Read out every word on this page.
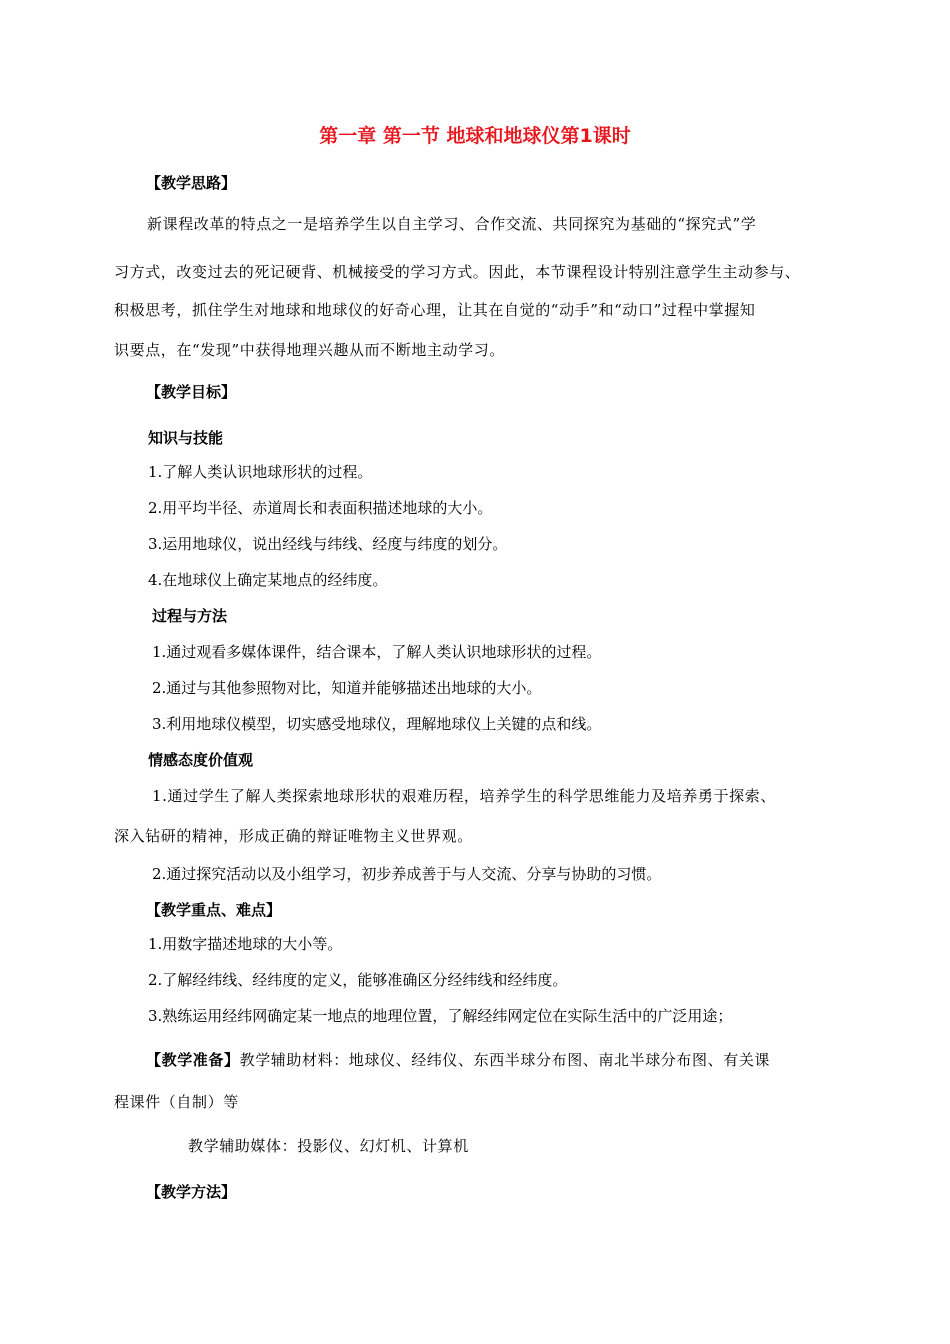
第一章 第一节 地球和地球仪第1课时
【教学思路】
新课程改革的特点之一是培养学生以自主学习、合作交流、共同探究为基础的“探究式”学
习方式，改变过去的死记硬背、机械接受的学习方式。因此，本节课程设计特别注意学生主动参与、
积极思考，抓住学生对地球和地球仪的好奇心理，让其在自觉的“动手”和“动口”过程中掌握知
识要点，在“发现”中获得地理兴趣从而不断地主动学习。
【教学目标】
知识与技能
1.了解人类认识地球形状的过程。
2.用平均半径、赤道周长和表面积描述地球的大小。
3.运用地球仪，说出经线与纬线、经度与纬度的划分。
4.在地球仪上确定某地点的经纬度。
过程与方法
1.通过观看多媒体课件，结合课本，了解人类认识地球形状的过程。
2.通过与其他参照物对比，知道并能够描述出地球的大小。
3.利用地球仪模型，切实感受地球仪，理解地球仪上关键的点和线。
情感态度价值观
1.通过学生了解人类探索地球形状的艰难历程，培养学生的科学思维能力及培养勇于探索、
深入钻研的精神，形成正确的辩证唯物主义世界观。
2.通过探究活动以及小组学习，初步养成善于与人交流、分享与协助的习惯。
【教学重点、难点】
1.用数字描述地球的大小等。
2.了解经纬线、经纬度的定义，能够准确区分经纬线和经纬度。
3.熟练运用经纬网确定某一地点的地理位置，了解经纬网定位在实际生活中的广泛用途；
【教学准备】教学辅助材料：地球仪、经纬仪、东西半球分布图、南北半球分布图、有关课
程课件（自制）等
教学辅助媒体：投影仪、幻灯机、计算机
【教学方法】
